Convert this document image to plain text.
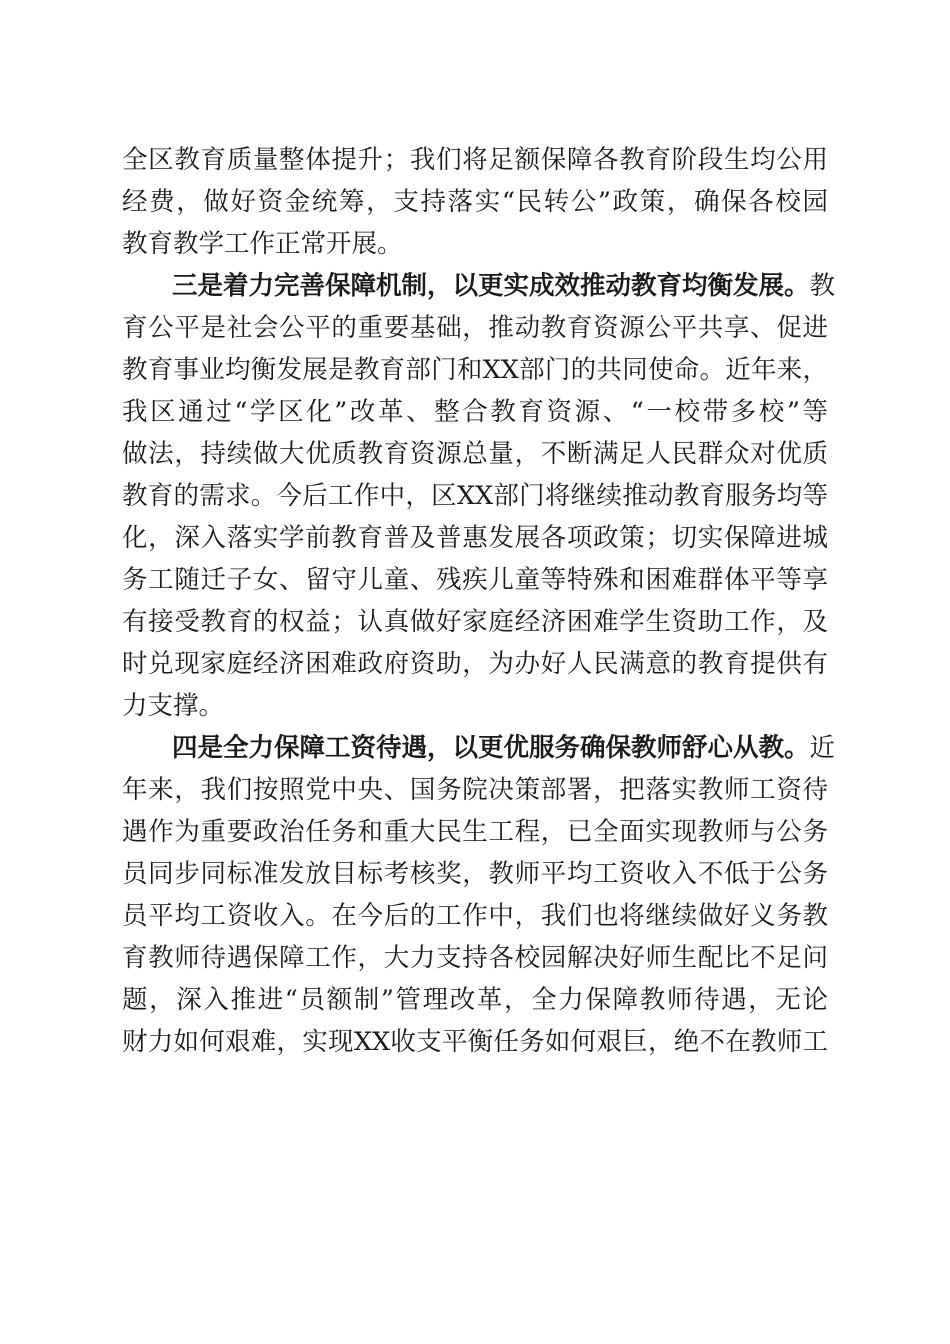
全区教育质量整体提升；我们将足额保障各教育阶段生均公用
经费，做好资金统筹，支持落实“民转公”政策，确保各校园
教育教学工作正常开展。
三是着力完善保障机制，以更实成效推动教育均衡发展。教
育公平是社会公平的重要基础，推动教育资源公平共享、促进
教育事业均衡发展是教育部门和XX部门的共同使命。近年来，
我区通过“学区化”改革、整合教育资源、“一校带多校”等
做法，持续做大优质教育资源总量，不断满足人民群众对优质
教育的需求。今后工作中，区XX部门将继续推动教育服务均等
化，深入落实学前教育普及普惠发展各项政策；切实保障进城
务工随迁子女、留守儿童、残疾儿童等特殊和困难群体平等享
有接受教育的权益；认真做好家庭经济困难学生资助工作，及
时兑现家庭经济困难政府资助，为办好人民满意的教育提供有
力支撑。
四是全力保障工资待遇，以更优服务确保教师舒心从教。近
年来，我们按照党中央、国务院决策部署，把落实教师工资待
遇作为重要政治任务和重大民生工程，已全面实现教师与公务
员同步同标准发放目标考核奖，教师平均工资收入不低于公务
员平均工资收入。在今后的工作中，我们也将继续做好义务教
育教师待遇保障工作，大力支持各校园解决好师生配比不足问
题，深入推进“员额制”管理改革，全力保障教师待遇，无论
财力如何艰难，实现XX收支平衡任务如何艰巨，绝不在教师工
